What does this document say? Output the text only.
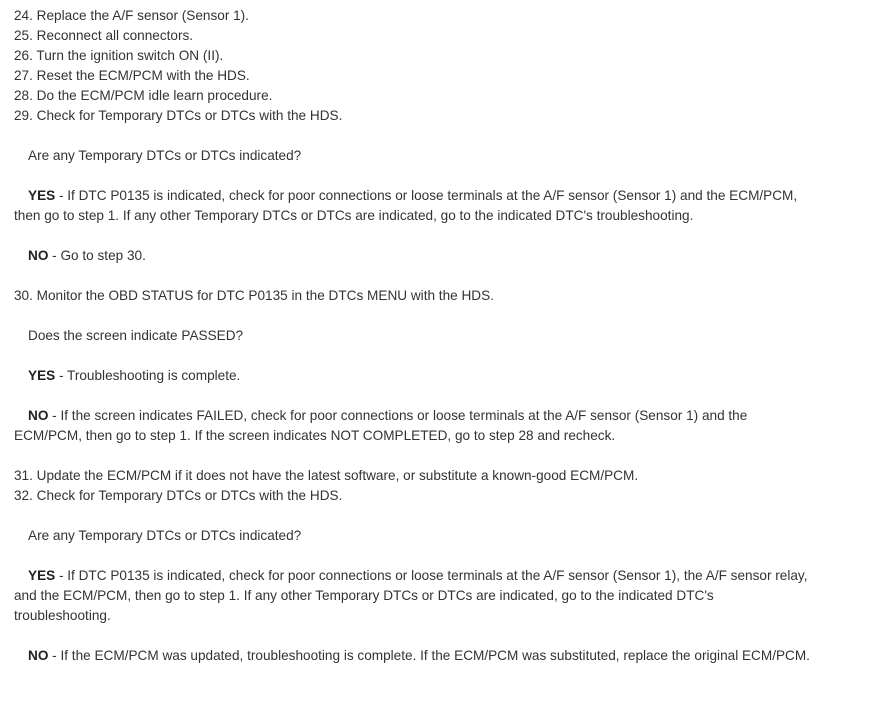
24. Replace the A/F sensor (Sensor 1).

25. Reconnect all connectors.

26. Turn the ignition switch ON (II).

27. Reset the ECM/PCM with the HDS.

28. Do the ECM/PCM idle learn procedure.

29. Check for Temporary DTCs or DTCs with the HDS.

Are any Temporary DTCs or DTCs indicated?

YES - If DTC P0135 is indicated, check for poor connections or loose terminals at the A/F sensor (Sensor 1) and the ECM/PCM, then go to step 1. If any other Temporary DTCs or DTCs are indicated, go to the indicated DTC's troubleshooting.

NO - Go to step 30.

30. Monitor the OBD STATUS for DTC P0135 in the DTCs MENU with the HDS.

Does the screen indicate PASSED?

YES - Troubleshooting is complete.

NO - If the screen indicates FAILED, check for poor connections or loose terminals at the A/F sensor (Sensor 1) and the ECM/PCM, then go to step 1. If the screen indicates NOT COMPLETED, go to step 28 and recheck.

31. Update the ECM/PCM if it does not have the latest software, or substitute a known-good ECM/PCM.

32. Check for Temporary DTCs or DTCs with the HDS.

Are any Temporary DTCs or DTCs indicated?

YES - If DTC P0135 is indicated, check for poor connections or loose terminals at the A/F sensor (Sensor 1), the A/F sensor relay, and the ECM/PCM, then go to step 1. If any other Temporary DTCs or DTCs are indicated, go to the indicated DTC's troubleshooting.

NO - If the ECM/PCM was updated, troubleshooting is complete. If the ECM/PCM was substituted, replace the original ECM/PCM.
